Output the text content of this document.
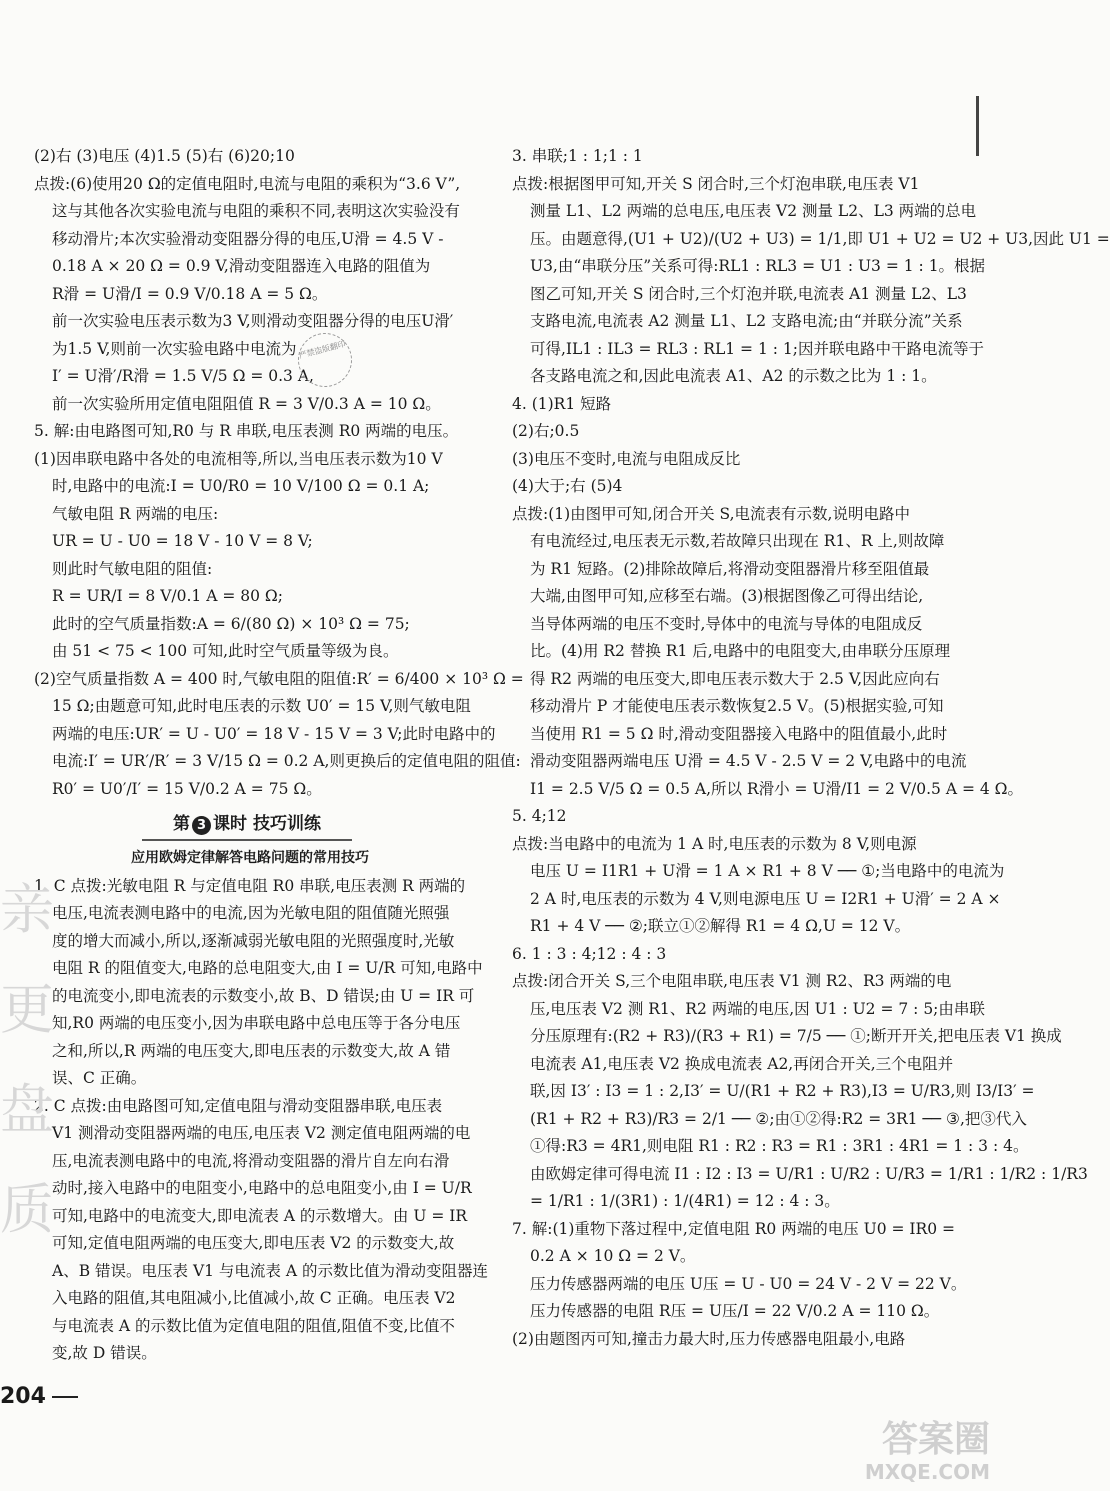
(2)右 (3)电压 (4)1.5 (5)右 (6)20;10
点拨:(6)使用20 Ω的定值电阻时,电流与电阻的乘积为“3.6 V”,
这与其他各次实验电流与电阻的乘积不同,表明这次实验没有
移动滑片;本次实验滑动变阻器分得的电压,U滑 = 4.5 V -
0.18 A × 20 Ω = 0.9 V,滑动变阻器连入电路的阻值为
R滑 = U滑/I = 0.9 V/0.18 A = 5 Ω。
前一次实验电压表示数为3 V,则滑动变阻器分得的电压U滑′
为1.5 V,则前一次实验电路中电流为
I′ = U滑′/R滑 = 1.5 V/5 Ω = 0.3 A,
前一次实验所用定值电阻阻值 R = 3 V/0.3 A = 10 Ω。
5. 解:由电路图可知,R0 与 R 串联,电压表测 R0 两端的电压。
(1)因串联电路中各处的电流相等,所以,当电压表示数为10 V
时,电路中的电流:I = U0/R0 = 10 V/100 Ω = 0.1 A;
气敏电阻 R 两端的电压:
UR = U - U0 = 18 V - 10 V = 8 V;
则此时气敏电阻的阻值:
R = UR/I = 8 V/0.1 A = 80 Ω;
此时的空气质量指数:A = 6/(80 Ω) × 10³ Ω = 75;
由 51 < 75 < 100 可知,此时空气质量等级为良。
(2)空气质量指数 A = 400 时,气敏电阻的阻值:R′ = 6/400 × 10³ Ω =
15 Ω;由题意可知,此时电压表的示数 U0′ = 15 V,则气敏电阻
两端的电压:UR′ = U - U0′ = 18 V - 15 V = 3 V;此时电路中的
电流:I′ = UR′/R′ = 3 V/15 Ω = 0.2 A,则更换后的定值电阻的阻值:
R0′ = U0′/I′ = 15 V/0.2 A = 75 Ω。
第 3 课时 技巧训练
应用欧姆定律解答电路问题的常用技巧
1. C 点拨:光敏电阻 R 与定值电阻 R0 串联,电压表测 R 两端的
电压,电流表测电路中的电流,因为光敏电阻的阻值随光照强
度的增大而减小,所以,逐渐减弱光敏电阻的光照强度时,光敏
电阻 R 的阻值变大,电路的总电阻变大,由 I = U/R 可知,电路中
的电流变小,即电流表的示数变小,故 B、D 错误;由 U = IR 可
知,R0 两端的电压变小,因为串联电路中总电压等于各分电压
之和,所以,R 两端的电压变大,即电压表的示数变大,故 A 错
误、C 正确。
2. C 点拨:由电路图可知,定值电阻与滑动变阻器串联,电压表
V1 测滑动变阻器两端的电压,电压表 V2 测定值电阻两端的电
压,电流表测电路中的电流,将滑动变阻器的滑片自左向右滑
动时,接入电路中的电阻变小,电路中的总电阻变小,由 I = U/R
可知,电路中的电流变大,即电流表 A 的示数增大。由 U = IR
可知,定值电阻两端的电压变大,即电压表 V2 的示数变大,故
A、B 错误。电压表 V1 与电流表 A 的示数比值为滑动变阻器连
入电路的阻值,其电阻减小,比值减小,故 C 正确。电压表 V2
与电流表 A 的示数比值为定值电阻的阻值,阻值不变,比值不
变,故 D 错误。
3. 串联;1 : 1;1 : 1
点拨:根据图甲可知,开关 S 闭合时,三个灯泡串联,电压表 V1
测量 L1、L2 两端的总电压,电压表 V2 测量 L2、L3 两端的总电
压。由题意得,(U1 + U2)/(U2 + U3) = 1/1,即 U1 + U2 = U2 + U3,因此 U1 =
U3,由“串联分压”关系可得:RL1 : RL3 = U1 : U3 = 1 : 1。根据
图乙可知,开关 S 闭合时,三个灯泡并联,电流表 A1 测量 L2、L3
支路电流,电流表 A2 测量 L1、L2 支路电流;由“并联分流”关系
可得,IL1 : IL3 = RL3 : RL1 = 1 : 1;因并联电路中干路电流等于
各支路电流之和,因此电流表 A1、A2 的示数之比为 1 : 1。
4. (1)R1 短路
(2)右;0.5
(3)电压不变时,电流与电阻成反比
(4)大于;右 (5)4
点拨:(1)由图甲可知,闭合开关 S,电流表有示数,说明电路中
有电流经过,电压表无示数,若故障只出现在 R1、R 上,则故障
为 R1 短路。(2)排除故障后,将滑动变阻器滑片移至阻值最
大端,由图甲可知,应移至右端。(3)根据图像乙可得出结论,
当导体两端的电压不变时,导体中的电流与导体的电阻成反
比。(4)用 R2 替换 R1 后,电路中的电阻变大,由串联分压原理
得 R2 两端的电压变大,即电压表示数大于 2.5 V,因此应向右
移动滑片 P 才能使电压表示数恢复2.5 V。(5)根据实验,可知
当使用 R1 = 5 Ω 时,滑动变阻器接入电路中的阻值最小,此时
滑动变阻器两端电压 U滑 = 4.5 V - 2.5 V = 2 V,电路中的电流
I1 = 2.5 V/5 Ω = 0.5 A,所以 R滑小 = U滑/I1 = 2 V/0.5 A = 4 Ω。
5. 4;12
点拨:当电路中的电流为 1 A 时,电压表的示数为 8 V,则电源
电压 U = I1R1 + U滑 = 1 A × R1 + 8 V ── ①;当电路中的电流为
2 A 时,电压表的示数为 4 V,则电源电压 U = I2R1 + U滑′ = 2 A ×
R1 + 4 V ── ②;联立①②解得 R1 = 4 Ω,U = 12 V。
6. 1 : 3 : 4;12 : 4 : 3
点拨:闭合开关 S,三个电阻串联,电压表 V1 测 R2、R3 两端的电
压,电压表 V2 测 R1、R2 两端的电压,因 U1 : U2 = 7 : 5;由串联
分压原理有:(R2 + R3)/(R3 + R1) = 7/5 ── ①;断开开关,把电压表 V1 换成
电流表 A1,电压表 V2 换成电流表 A2,再闭合开关,三个电阻并
联,因 I3′ : I3 = 1 : 2,I3′ = U/(R1 + R2 + R3),I3 = U/R3,则 I3/I3′ =
(R1 + R2 + R3)/R3 = 2/1 ── ②;由①②得:R2 = 3R1 ── ③,把③代入
①得:R3 = 4R1,则电阻 R1 : R2 : R3 = R1 : 3R1 : 4R1 = 1 : 3 : 4。
由欧姆定律可得电流 I1 : I2 : I3 = U/R1 : U/R2 : U/R3 = 1/R1 : 1/R2 : 1/R3
= 1/R1 : 1/(3R1) : 1/(4R1) = 12 : 4 : 3。
7. 解:(1)重物下落过程中,定值电阻 R0 两端的电压 U0 = IR0 =
0.2 A × 10 Ω = 2 V。
压力传感器两端的电压 U压 = U - U0 = 24 V - 2 V = 22 V。
压力传感器的电阻 R压 = U压/I = 22 V/0.2 A = 110 Ω。
(2)由题图丙可知,撞击力最大时,压力传感器电阻最小,电路
严禁盗版翻印
亲
更
盘
质
204
答案圈
MXQE.COM
